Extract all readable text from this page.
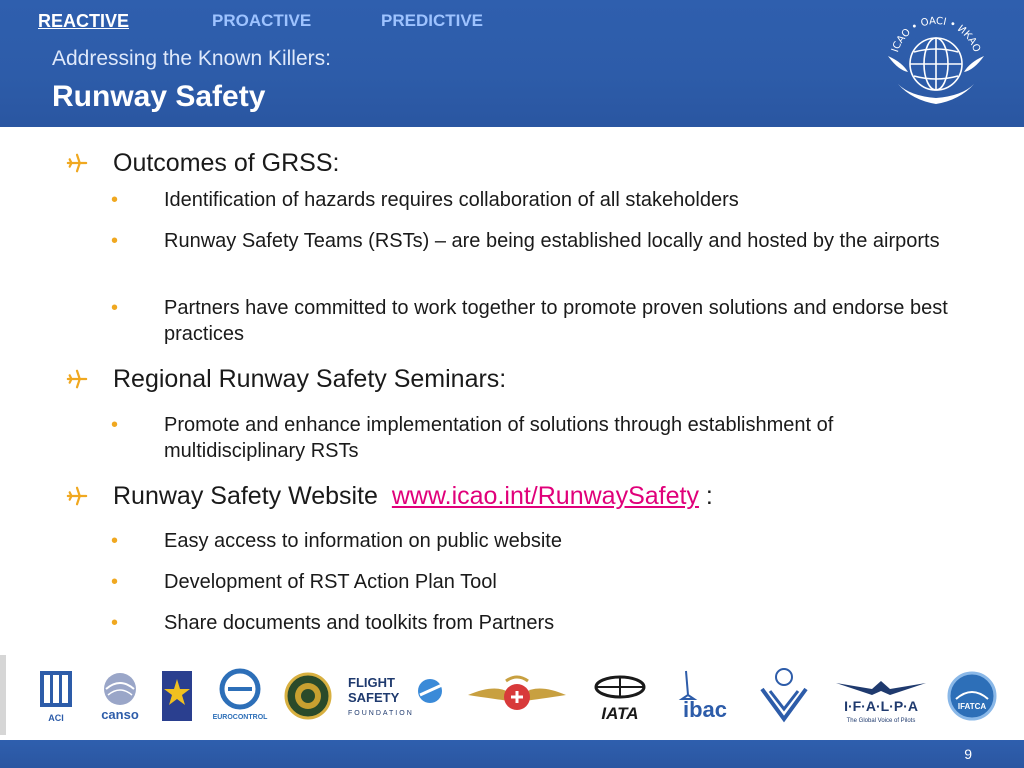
REACTIVE	PROACTIVE	PREDICTIVE
Addressing the Known Killers:
Runway Safety
ICAO • OACI • ИКАО
Outcomes of GRSS:
• Identification of hazards requires collaboration of all stakeholders
• Runway Safety Teams (RSTs) – are being established locally and hosted by the airports
• Partners have committed to work together to promote proven solutions and endorse best practices
Regional Runway Safety Seminars:
• Promote and enhance implementation of solutions through establishment of multidisciplinary RSTs
Runway Safety Website www.icao.int/RunwaySafety :
• Easy access to information on public website
• Development of RST Action Plan Tool
• Share documents and toolkits from Partners
ACI	canso	EUROCONTROL
FLIGHT
SAFETY
FOUNDATION	IATA ibac	I·F·A·L·P·A
The Global Voice of Pilots
IFATCA
9
